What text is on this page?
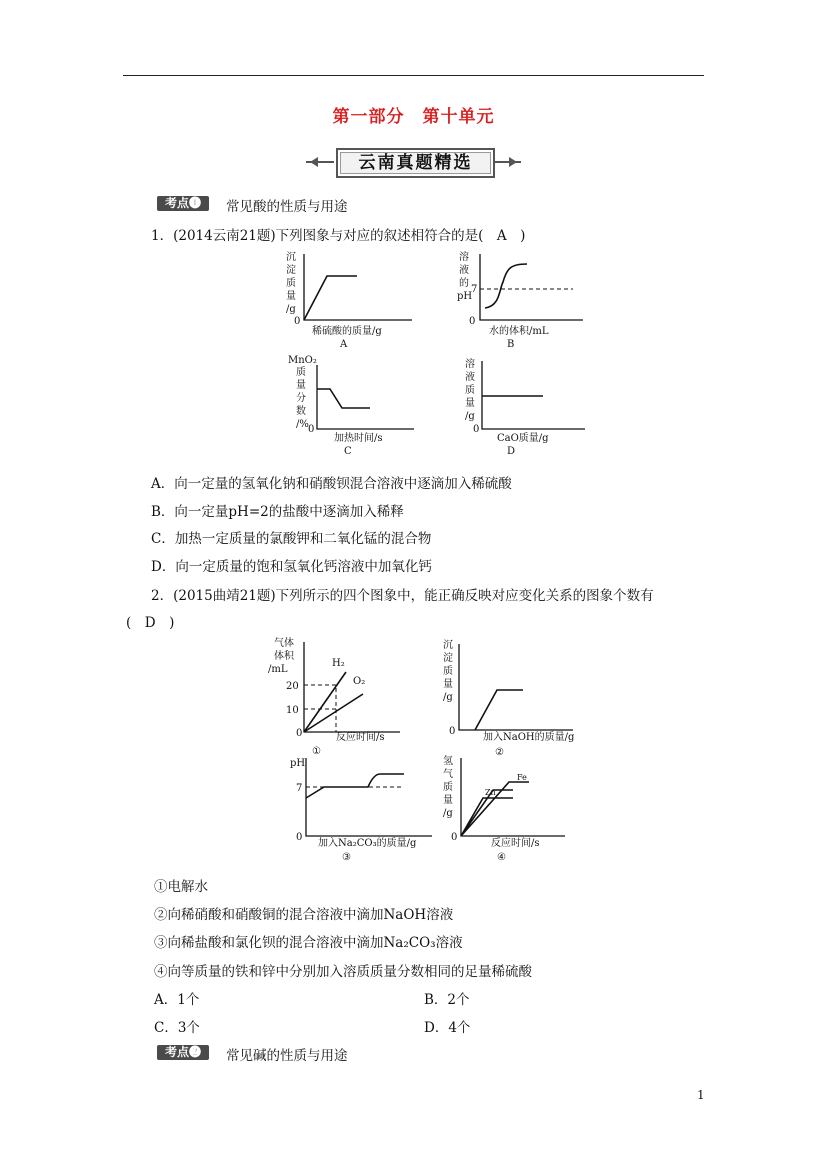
第一部分　第十单元
云南真题精选
考点❶	常见酸的性质与用途
1．(2014云南21题)下列图象与对应的叙述相符合的是(　A　)
沉
淀
质
量
/g
0
稀硫酸的质量/g
A
溶
液
的
pH
7
0
水的体积/mL
B
MnO₂
质
量
分
数
/% 0
加热时间/s
C
溶
液
质
量
/g
0
CaO质量/g
D
A．向一定量的氢氧化钠和硝酸钡混合溶液中逐滴加入稀硫酸
B．向一定量pH=2的盐酸中逐滴加入稀释
C．加热一定质量的氯酸钾和二氧化锰的混合物
D．向一定质量的饱和氢氧化钙溶液中加氧化钙
2．(2015曲靖21题)下列所示的四个图象中，能正确反映对应变化关系的图象个数有
(　D　)
气体
体积
/mL
20
10
H₂
O₂
0	反应时间/s
①
沉
淀
质
量
/g
0
加入NaOH的质量/g
②
pH
7
0
加入Na₂CO₃的质量/g
③
氢
气
质
量
/g
Fe
Zn
0
反应时间/s
④
①电解水
②向稀硝酸和硝酸铜的混合溶液中滴加NaOH溶液
③向稀盐酸和氯化钡的混合溶液中滴加Na₂CO₃溶液
④向等质量的铁和锌中分别加入溶质质量分数相同的足量稀硫酸
A．1个	B．2个
C．3个	D．4个
考点❷	常见碱的性质与用途
1
